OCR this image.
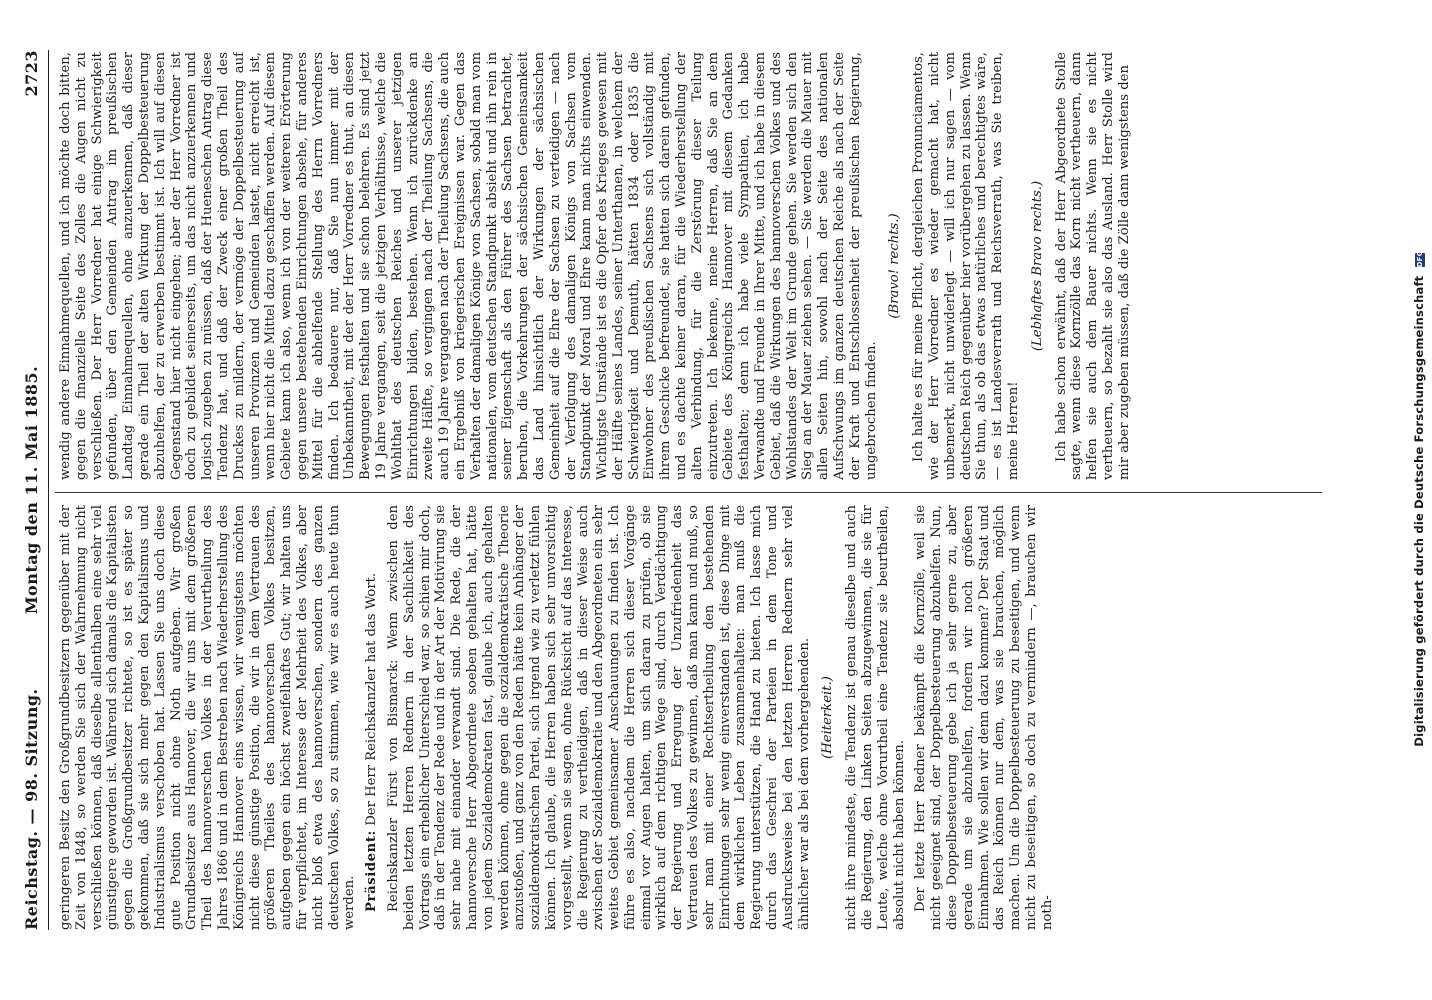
Reichstag. — 98. Sitzung.
Montag den 11. Mai 1885.
2723

geringeren Besitz den Großgrundbesitzern gegenüber mit der Zeit von 1848, so werden Sie sich der Wahrnehmung nicht verschließen können, daß dieselbe allenthalben eine sehr viel günstigere geworden ist. Während sich damals die Kapitalisten gegen die Großgrundbesitzer richtete, so ist es später so gekommen, daß sie sich mehr gegen den Kapitalismus und Industrialismus verschoben hat. Lassen Sie uns doch diese gute Position nicht ohne Noth aufgeben. Wir großen Grundbesitzer aus Hannover, die wir uns mit dem größeren Theil des hannoverschen Volkes in der Verurtheilung des Jahres 1866 und in dem Bestreben nach Wiederherstellung des Königreichs Hannover eins wissen, wir wenigstens möchten nicht diese günstige Position, die wir in dem Vertrauen des größeren Theiles des hannoverschen Volkes besitzen, aufgeben gegen ein höchst zweifelhaftes Gut; wir halten uns für verpflichtet, im Interesse der Mehrheit des Volkes, aber nicht bloß etwa des hannoverschen, sondern des ganzen deutschen Volkes, so zu stimmen, wie wir es auch heute thun werden. Präsident: Der Herr Reichskanzler hat das Wort. Reichskanzler Fürst von Bismarck: Wenn zwischen den beiden letzten Herren Rednern in der Sachlichkeit des Vortrags ein erheblicher Unterschied war, so schien mir doch, daß in der Tendenz der Rede und in der Art der Motivirung sie sehr nahe mit einander verwandt sind. Die Rede, die der hannoversche Herr Abgeordnete soeben gehalten hat, hätte von jedem Sozialdemokraten fast, glaube ich, auch gehalten werden können, ohne gegen die sozialdemokratische Theorie anzustoßen, und ganz von den Reden hätte kein Anhänger der sozialdemokratischen Partei, sich irgend wie zu verletzt fühlen können. Ich glaube, die Herren haben sich sehr unvorsichtig vorgestellt, wenn sie sagen, ohne Rücksicht auf das Interesse, die Regierung zu vertheidigen, daß in dieser Weise auch zwischen der Sozialdemokratie und den Abgeordneten ein sehr weites Gebiet gemeinsamer Anschauungen zu finden ist. Ich führe es also, nachdem die Herren sich dieser Vorgänge einmal vor Augen halten, um sich daran zu prüfen, ob sie wirklich auf dem richtigen Wege sind, durch Verdächtigung der Regierung und Erregung der Unzufriedenheit das Vertrauen des Volkes zu gewinnen, daß man kann und muß, so sehr man mit einer Rechtsertheilung den bestehenden Einrichtungen sehr wenig einverstanden ist, diese Dinge mit dem wirklichen Leben zusammenhalten: man muß die Regierung unterstützen, die Hand zu bieten. Ich lasse mich durch das Geschrei der Parteien in dem Tone und Ausdrucksweise bei den letzten Herren Rednern sehr viel ähnlicher war als bei dem vorhergehenden. (Heiterkeit.) nicht ihre mindeste, die Tendenz ist genau dieselbe und auch die Regierung, den Linken Seiten abzugewinnen, die sie für Leute, welche ohne Vorurtheil eine Tendenz sie beurtheilen, absolut nicht haben können. Der letzte Herr Redner bekämpft die Kornzölle, weil sie nicht geeignet sind, der Doppelbesteuerung abzuhelfen. Nun, diese Doppelbesteuerung gebe ich ja sehr gerne zu, aber gerade um sie abzuhelfen, fordern wir noch größeren Einnahmen. Wie sollen wir denn dazu kommen? Der Staat und das Reich können nur dem, was sie brauchen, möglich machen. Um die Doppelbesteuerung zu beseitigen, und wenn nicht zu beseitigen, so doch zu vermindern —, brauchen wir noth-

wendig andere Einnahmequellen, und ich möchte doch bitten, gegen die finanzielle Seite des Zolles die Augen nicht zu verschließen. Der Herr Vorredner hat einige Schwierigkeit gefunden, über den Gemeinden Antrag im preußischen Landtag Einnahmequellen, ohne anzuerkennen, daß dieser gerade ein Theil der alten Wirkung der Doppelbesteuerung abzuhelfen, der zu erwerben bestimmt ist. Ich will auf diesen Gegenstand hier nicht eingehen; aber der Herr Vorredner ist doch zu gebildet seinerseits, um das nicht anzuerkennen und logisch zugeben zu müssen, daß der Hueneschen Antrag diese Tendenz hat, und daß der Zweck einer großen Theil des Druckes zu mildern, der vermöge der Doppelbesteuerung auf unseren Provinzen und Gemeinden lastet, nicht erreicht ist, wenn hier nicht die Mittel dazu geschaffen werden. Auf diesem Gebiete kann ich also, wenn ich von der weiteren Erörterung gegen unsere bestehenden Einrichtungen absehe, für anderes Mittel für die abhelfende Stellung des Herrn Vorredners finden. Ich bedauere nur, daß Sie nun immer mit der Unbekanntheit, mit der der Herr Vorredner es thut, an diesen Bewegungen festhalten und sie schon belehren. Es sind jetzt 19 Jahre vergangen, seit die jetzigen Verhältnisse, welche die Wohlthat des deutschen Reiches und unserer jetzigen Einrichtungen bilden, bestehen. Wenn ich zurückdenke an zweite Hälfte, so vergingen nach der Theilung Sachsens, die auch 19 Jahre vergangen nach der Theilung Sachsens, die auch ein Ergebniß von kriegerischen Ereignissen war. Gegen das Verhalten der damaligen Könige von Sachsen, sobald man vom nationalen, vom deutschen Standpunkt absieht und ihn rein in seiner Eigenschaft als den Führer des Sachsen betrachtet, beruhen, die Vorkehrungen der sächsischen Gemeinsamkeit das Land hinsichtlich der Wirkungen der sächsischen Gemeinheit auf die Ehre der Sachsen zu verteidigen — nach der Verfolgung des damaligen Königs von Sachsen vom Standpunkt der Moral und Ehre kann man nichts einwenden. Wichtigste Umstände ist es die Opfer des Krieges gewesen mit der Hälfte seines Landes, seiner Unterthanen, in welchem der Schwierigkeit und Demuth, hätten 1834 oder 1835 die Einwohner des preußischen Sachsens sich vollständig mit ihrem Geschicke befreundet, sie hatten sich darein gefunden, und es dachte keiner daran, für die Wiederherstellung der alten Verbindung, für die Zerstörung dieser Teilung einzutreten. Ich bekenne, meine Herren, daß Sie an dem Gebiete des Königreichs Hannover mit diesem Gedanken festhalten; denn ich habe viele Sympathien, ich habe Verwandte und Freunde in Ihrer Mitte, und ich habe in diesem Gebiet, daß die Wirkungen des hannoverschen Volkes und des Wohlstandes der Welt im Grunde gehen. Sie werden sich den Sieg an der Mauer ziehen sehen. — Sie werden die Mauer mit allen Seiten hin, sowohl nach der Seite des nationalen Aufschwungs im ganzen deutschen Reiche als nach der Seite der Kraft und Entschlossenheit der preußischen Regierung, ungebrochen finden.

(Bravo! rechts.) Ich halte es für meine Pflicht, dergleichen Pronunciamentos, wie der Herr Vorredner es wieder gemacht hat, nicht unbemerkt, nicht unwiderlegt — will ich nur sagen — vom deutschen Reich gegenüber hier vorübergehen zu lassen. Wenn Sie thun, als ob das etwas natürliches und berechtigtes wäre, — es ist Landesverrath und Reichsverrath, was Sie treiben, meine Herren!

(Lebhaftes Bravo rechts.) Ich habe schon erwähnt, daß der Herr Abgeordnete Stolle sagte, wenn diese Kornzölle das Korn nicht vertheuern, dann helfen sie auch dem Bauer nichts. Wenn sie es nicht vertheuern, so bezahlt sie also das Ausland. Herr Stolle wird mir aber zugeben müssen, daß die Zölle dann wenigstens den

Digitalisierung gefördert durch die Deutsche Forschungsgemeinschaft DFG
